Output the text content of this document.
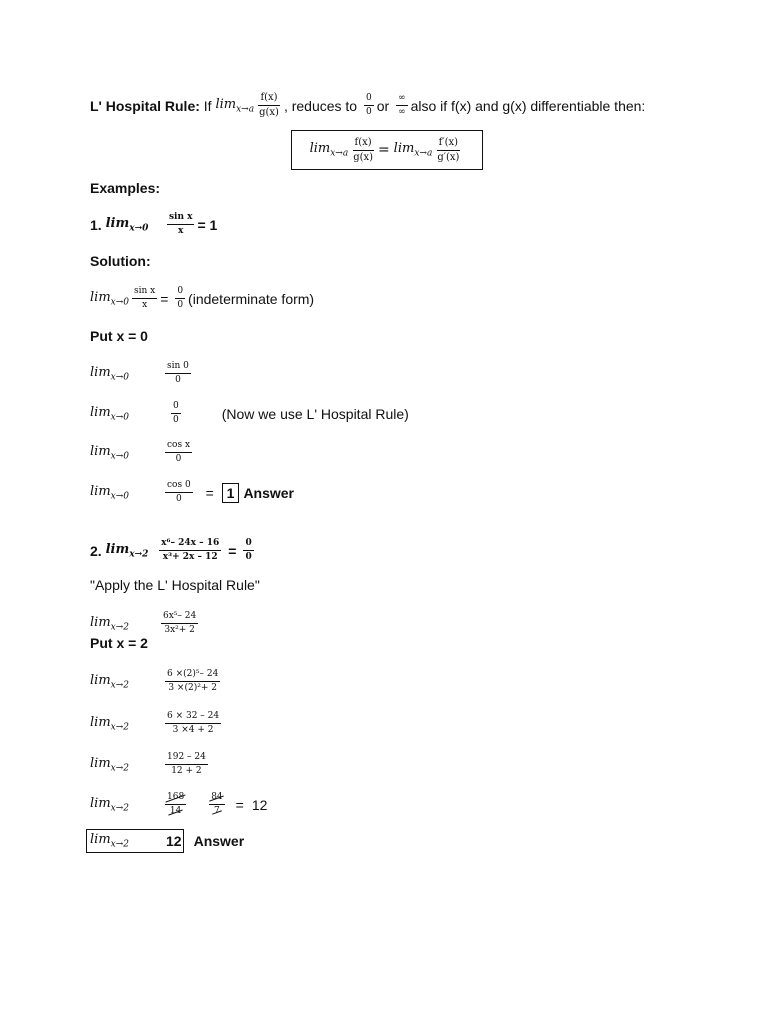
L' Hospital Rule:
If
$\lim_{x\to a} \frac{f(x)}{g(x)}$ , reduces to
$\frac{0}{0}$ or
$\frac{\infty}{\infty}$ also if f(x) and g(x) differentiable then:
$\lim_{x\to a} \frac{f(x)}{g(x)}$ =
$\lim_{x\to a} \frac{f'(x)}{g'(x)}$
Examples:
1.
$\lim_{x\to 0}$
$\frac{\text{sin x}}{x} = 1$
Solution:
$\lim_{x\to 0} \frac{\text{sin x}}{x}$ =
$\frac{0}{0}$ (indeterminate form)
Put x = 0
$\lim_{x\to 0}$	$\frac{\sin 0}{0}$
$\lim_{x\to 0}$	$\frac{0}{0}$	(Now we use L' Hospital Rule)
$\lim_{x\to 0}$	$\frac{\text{cos x}}{0}$
$\lim_{x\to 0}$	$\frac{\cos 0}{0}$ =
1 Answer
2.
$\lim_{x\to 2}$
$\frac{\text{x⁶– 24x – 16}}{\text{x³+ 2x – 12}} = \frac{0}{0}$
"Apply the L' Hospital Rule"
$\lim_{x\to 2}$	$\frac{\text{6x⁵– 24}}{\text{3x²+ 2}}$
Put x = 2
$\lim_{x\to 2}$	$\frac{\text{6 ×(2)⁵– 24}}{\text{3 ×(2)²+ 2}}$
$\lim_{x\to 2}$	$\frac{6 \times 32 - 24}{3 \times 4 + 2}$
$\lim_{x\to 2}$	$\frac{192 - 24}{12 + 2}$
$\lim_{x\to 2}$	$\frac{168}{14}$	$\frac{84}{7} = 12$
$\lim_{x\to 2}$	12 Answer
